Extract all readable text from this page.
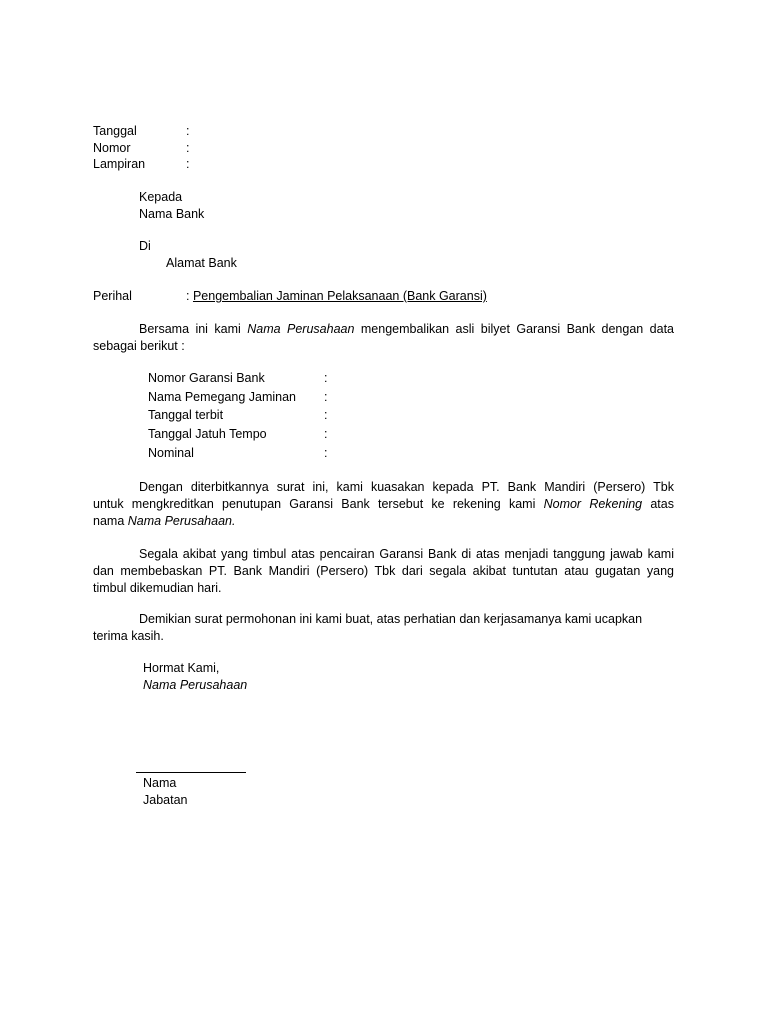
Tanggal	:
Nomor	:
Lampiran	:
Kepada
Nama Bank
Di
Alamat Bank
Perihal	: Pengembalian Jaminan Pelaksanaan (Bank Garansi)
Bersama ini kami Nama Perusahaan mengembalikan asli bilyet Garansi Bank dengan data
sebagai berikut :
Nomor Garansi Bank	:
Nama Pemegang Jaminan :
Tanggal terbit	:
Tanggal Jatuh Tempo	:
Nominal	:
Dengan diterbitkannya surat ini, kami kuasakan kepada PT. Bank Mandiri (Persero) Tbk
untuk mengkreditkan penutupan Garansi Bank tersebut ke rekening kami Nomor Rekening atas
nama Nama Perusahaan.
Segala akibat yang timbul atas pencairan Garansi Bank di atas menjadi tanggung jawab kami
dan membebaskan PT. Bank Mandiri (Persero) Tbk dari segala akibat tuntutan atau gugatan yang
timbul dikemudian hari.
Demikian surat permohonan ini kami buat, atas perhatian dan kerjasamanya kami ucapkan
terima kasih.
Hormat Kami,
Nama Perusahaan
Nama
Jabatan
